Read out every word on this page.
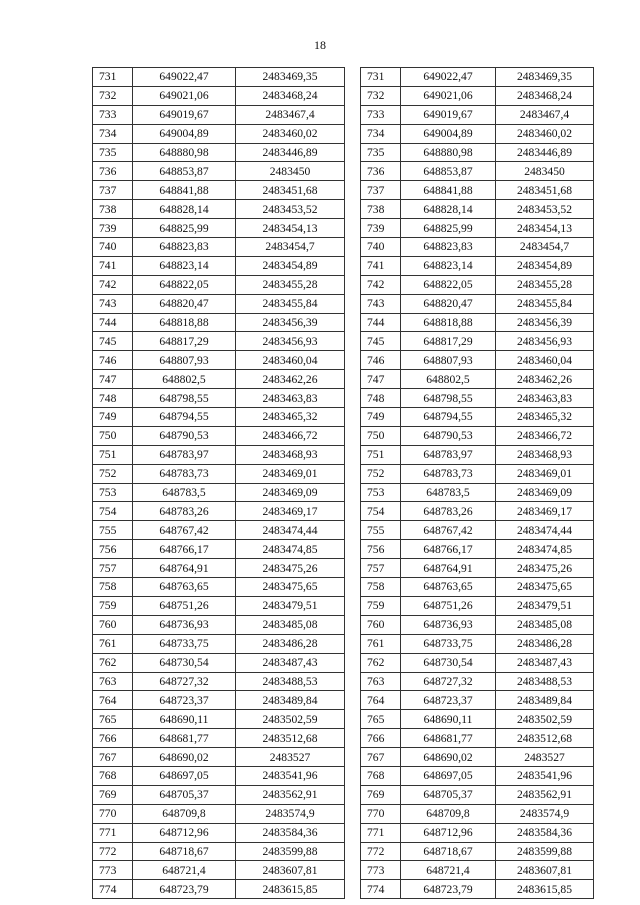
18
731	649022,47	2483469,35
732	649021,06	2483468,24
733	649019,67	2483467,4
734	649004,89	2483460,02
735	648880,98	2483446,89
736	648853,87	2483450
737	648841,88	2483451,68
738	648828,14	2483453,52
739	648825,99	2483454,13
740	648823,83	2483454,7
741	648823,14	2483454,89
742	648822,05	2483455,28
743	648820,47	2483455,84
744	648818,88	2483456,39
745	648817,29	2483456,93
746	648807,93	2483460,04
747	648802,5	2483462,26
748	648798,55	2483463,83
749	648794,55	2483465,32
750	648790,53	2483466,72
751	648783,97	2483468,93
752	648783,73	2483469,01
753	648783,5	2483469,09
754	648783,26	2483469,17
755	648767,42	2483474,44
756	648766,17	2483474,85
757	648764,91	2483475,26
758	648763,65	2483475,65
759	648751,26	2483479,51
760	648736,93	2483485,08
761	648733,75	2483486,28
762	648730,54	2483487,43
763	648727,32	2483488,53
764	648723,37	2483489,84
765	648690,11	2483502,59
766	648681,77	2483512,68
767	648690,02	2483527
768	648697,05	2483541,96
769	648705,37	2483562,91
770	648709,8	2483574,9
771	648712,96	2483584,36
772	648718,67	2483599,88
773	648721,4	2483607,81
774	648723,79	2483615,85
731	649022,47	2483469,35
732	649021,06	2483468,24
733	649019,67	2483467,4
734	649004,89	2483460,02
735	648880,98	2483446,89
736	648853,87	2483450
737	648841,88	2483451,68
738	648828,14	2483453,52
739	648825,99	2483454,13
740	648823,83	2483454,7
741	648823,14	2483454,89
742	648822,05	2483455,28
743	648820,47	2483455,84
744	648818,88	2483456,39
745	648817,29	2483456,93
746	648807,93	2483460,04
747	648802,5	2483462,26
748	648798,55	2483463,83
749	648794,55	2483465,32
750	648790,53	2483466,72
751	648783,97	2483468,93
752	648783,73	2483469,01
753	648783,5	2483469,09
754	648783,26	2483469,17
755	648767,42	2483474,44
756	648766,17	2483474,85
757	648764,91	2483475,26
758	648763,65	2483475,65
759	648751,26	2483479,51
760	648736,93	2483485,08
761	648733,75	2483486,28
762	648730,54	2483487,43
763	648727,32	2483488,53
764	648723,37	2483489,84
765	648690,11	2483502,59
766	648681,77	2483512,68
767	648690,02	2483527
768	648697,05	2483541,96
769	648705,37	2483562,91
770	648709,8	2483574,9
771	648712,96	2483584,36
772	648718,67	2483599,88
773	648721,4	2483607,81
774	648723,79	2483615,85
